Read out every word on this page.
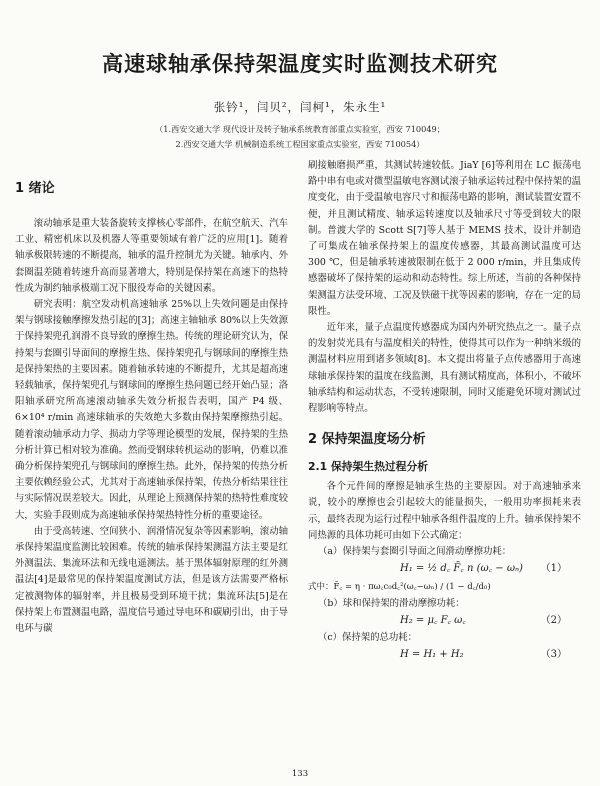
高速球轴承保持架温度实时监测技术研究
张钤¹，闫贝²，闫柯¹，朱永生¹
（1.西安交通大学 现代设计及转子轴承系统教育部重点实验室，西安 710049；
2.西安交通大学 机械制造系统工程国家重点实验室，西安 710054）
1 绪论

滚动轴承是重大装备旋转支撑核心零部件，在航空航天、汽车工业、精密机床以及机器人等重要领域有着广泛的应用[1]。随着轴承极限转速的不断提高，轴承的温升控制尤为关键。轴承内、外套圈温差随着转速升高而显著增大，特别是保持架在高速下的热特性成为制约轴承极端工况下服役寿命的关键因素。

研究表明：航空发动机高速轴承 25%以上失效问题是由保持架与钢球接触摩擦发热引起的[3]；高速主轴轴承 80%以上失效源于保持架兜孔润滑不良导致的摩擦生热。传统的理论研究认为，保持架与套圈引导面间的摩擦生热、保持架兜孔与钢球间的摩擦生热是保持架热的主要因素。随着轴承转速的不断提升，尤其是超高速轻载轴承，保持架兜孔与钢球间的摩擦生热问题已经开始凸显；洛阳轴承研究所高速滚动轴承失效分析报告表明，国产 P4 级、6×10⁴ r/min 高速球轴承的失效绝大多数由保持架摩擦热引起。随着滚动轴承动力学、损动力学等理论模型的发展，保持架的生热分析计算已相对较为准确。然而受钢球转机运动的影响，仍难以准确分析保持架兜孔与钢球间的摩擦生热。此外，保持架的传热分析主要依赖经验公式，尤其对于高速轴承保持架，传热分析结果往往与实际情况误差较大。因此，从理论上预测保持架的热特性难度较大，实验手段则成为高速轴承保持架热特性分析的重要途径。

由于受高转速、空间狭小、润滑情况复杂等因素影响，滚动轴承保持架温度监测比较困难。传统的轴承保持架测温方法主要是红外测温法、集流环法和无线电遥测法。基于黑体辐射原理的红外测温法[4]是最常见的保持架温度测试方法，但是该方法需要严格标定被测物体的辐射率，并且极易受到环境干扰；集流环法[5]是在保持架上布置测温电路，温度信号通过导电环和碳刷引出，由于导电环与碳

刷接触磨损严重，其测试转速较低。JiaY [6]等利用在 LC 振荡电路中串有电或对微型温敏电容测试滚子轴承运转过程中保持架的温度变化，由于受温敏电容尺寸和振荡电路的影响，测试装置安置不便，并且测试精度、轴承运转速度以及轴承尺寸等受到较大的限制。普渡大学的 Scott S[7]等人基于 MEMS 技术，设计并制造了可集成在轴承保持架上的温度传感器，其最高测试温度可达 300 ℃，但是轴承转速被限制在低于 2 000 r/min，并且集成传感器破坏了保持架的运动和动态特性。综上所述，当前的各种保持架测温方法受环境、工况及铁磁干扰等因素的影响，存在一定的局限性。

近年来，量子点温度传感器成为国内外研究热点之一。量子点的发射荧光具有与温度相关的特性，使得其可以作为一种纳米级的测温材料应用到诸多领域[8]。本文提出将量子点传感器用于高速球轴承保持架的温度在线监测，具有测试精度高，体积小，不破坏轴承结构和运动状态，不受转速限制，同时又能避免环境对测试过程影响等特点。

2 保持架温度场分析
2.1 保持架生热过程分析

各个元件间的摩擦是轴承生热的主要原因。对于高速轴承来说，较小的摩擦也会引起较大的能量损失，一般用功率损耗来表示，最终表现为运行过程中轴承各组件温度的上升。轴承保持架不同热源的具体功耗可由如下公式确定：

（a）保持架与套圈引导面之间滑动摩擦功耗：
H₁ = ½ d꜀ F̄꜀ n (ω꜀ − ωₙ) （1）
式中：F̄꜀ = η · πω꜀c₀d꜀²(ω꜀−ωₙ) / (1 − d꜀/d₀)
（b）球和保持架的滑动摩擦功耗：
H₂ = μ꜀ F꜀ ω꜀	（2）
（c）保持架的总功耗：
H = H₁ + H₂	（3）
133
